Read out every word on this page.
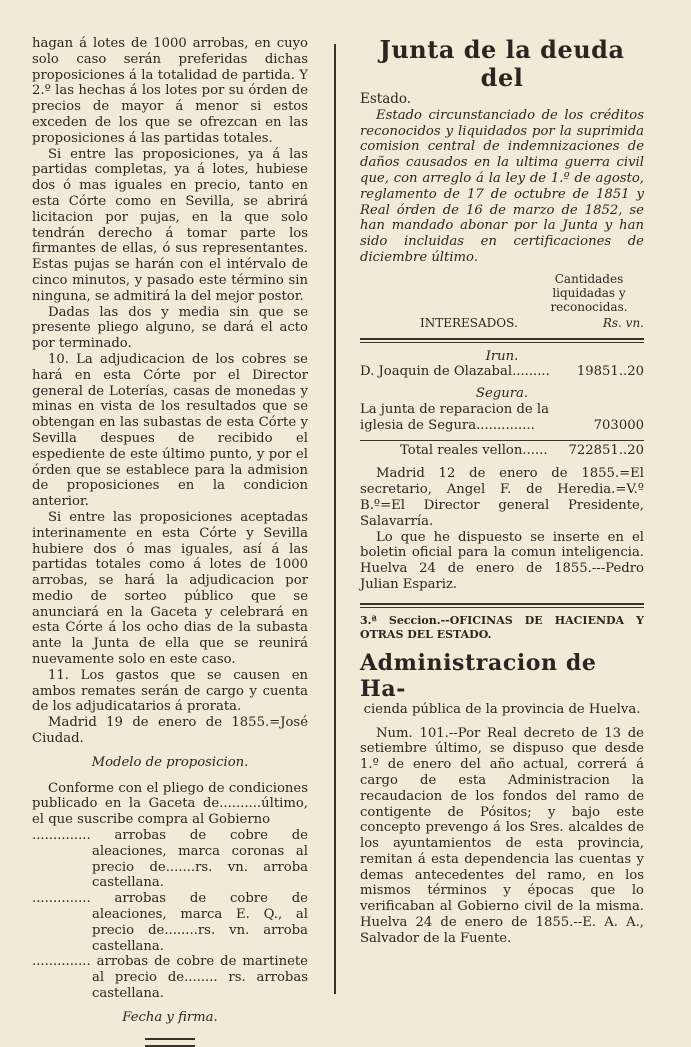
hagan á lotes de 1000 arrobas, en cuyo solo caso serán preferidas dichas proposiciones á la totalidad de partida. Y 2.º las hechas á los lotes por su órden de precios de mayor á menor si estos exceden de los que se ofrezcan en las proposiciones á las partidas totales.

Si entre las proposiciones, ya á las partidas completas, ya á lotes, hubiese dos ó mas iguales en precio, tanto en esta Córte como en Sevilla, se abrirá licitacion por pujas, en la que solo tendrán derecho á tomar parte los firmantes de ellas, ó sus representantes. Estas pujas se harán con el intérvalo de cinco minutos, y pasado este término sin ninguna, se admitirá la del mejor postor.

Dadas las dos y media sin que se presente pliego alguno, se dará el acto por terminado.

10. La adjudicacion de los cobres se hará en esta Córte por el Director general de Loterías, casas de monedas y minas en vista de los resultados que se obtengan en las subastas de esta Córte y Sevilla despues de recibido el espediente de este último punto, y por el órden que se establece para la admision de proposiciones en la condicion anterior.

Si entre las proposiciones aceptadas interinamente en esta Córte y Sevilla hubiere dos ó mas iguales, así á las partidas totales como á lotes de 1000 arrobas, se hará la adjudicacion por medio de sorteo público que se anunciará en la Gaceta y celebrará en esta Córte á los ocho dias de la subasta ante la Junta de ella que se reunirá nuevamente solo en este caso.

11. Los gastos que se causen en ambos remates serán de cargo y cuenta de los adjudicatarios á prorata.

Madrid 19 de enero de 1855.=José Ciudad.

Modelo de proposicion.

Conforme con el pliego de condiciones publicado en la Gaceta de..........último, el que suscribe compra al Gobierno

.............. arrobas de cobre de aleaciones, marca coronas al precio de.......rs. vn. arroba castellana.

.............. arrobas de cobre de aleaciones, marca E. Q., al precio de........rs. vn. arroba castellana.

.............. arrobas de cobre de martinete al precio de........ rs. arrobas castellana.

Fecha y firma.

Junta de la deuda del

Estado.

Estado circunstanciado de los créditos reconocidos y liquidados por la suprimida comision central de indemnizaciones de daños causados en la ultima guerra civil que, con arreglo á la ley de 1.º de agosto, reglamento de 17 de octubre de 1851 y Real órden de 16 de marzo de 1852, se han mandado abonar por la Junta y han sido incluidas en certificaciones de diciembre último.

Cantidades liquidadas y reconocidas.
INTERESADOS.	Rs. vn.

Irun.

D. Joaquin de Olazabal.........	19851..20

Segura.

La junta de reparacion de la iglesia de Segura..............	703000
Total reales vellon......	722851..20

Madrid 12 de enero de 1855.=El secretario, Angel F. de Heredia.=V.º B.º=El Director general Presidente, Salavarría.

Lo que he dispuesto se inserte en el boletin oficial para la comun inteligencia. Huelva 24 de enero de 1855.---Pedro Julian Espariz.

3.ª Seccion.--OFICINAS DE HACIENDA Y OTRAS DEL ESTADO.

Administracion de Ha-

cienda pública de la provincia de Huelva.

Num. 101.--Por Real decreto de 13 de setiembre último, se dispuso que desde 1.º de enero del año actual, correrá á cargo de esta Administracion la recaudacion de los fondos del ramo de contigente de Pósitos; y bajo este concepto prevengo á los Sres. alcaldes de los ayuntamientos de esta provincia, remitan á esta dependencia las cuentas y demas antecedentes del ramo, en los mismos términos y épocas que lo verificaban al Gobierno civil de la misma. Huelva 24 de enero de 1855.--E. A. A., Salvador de la Fuente.
